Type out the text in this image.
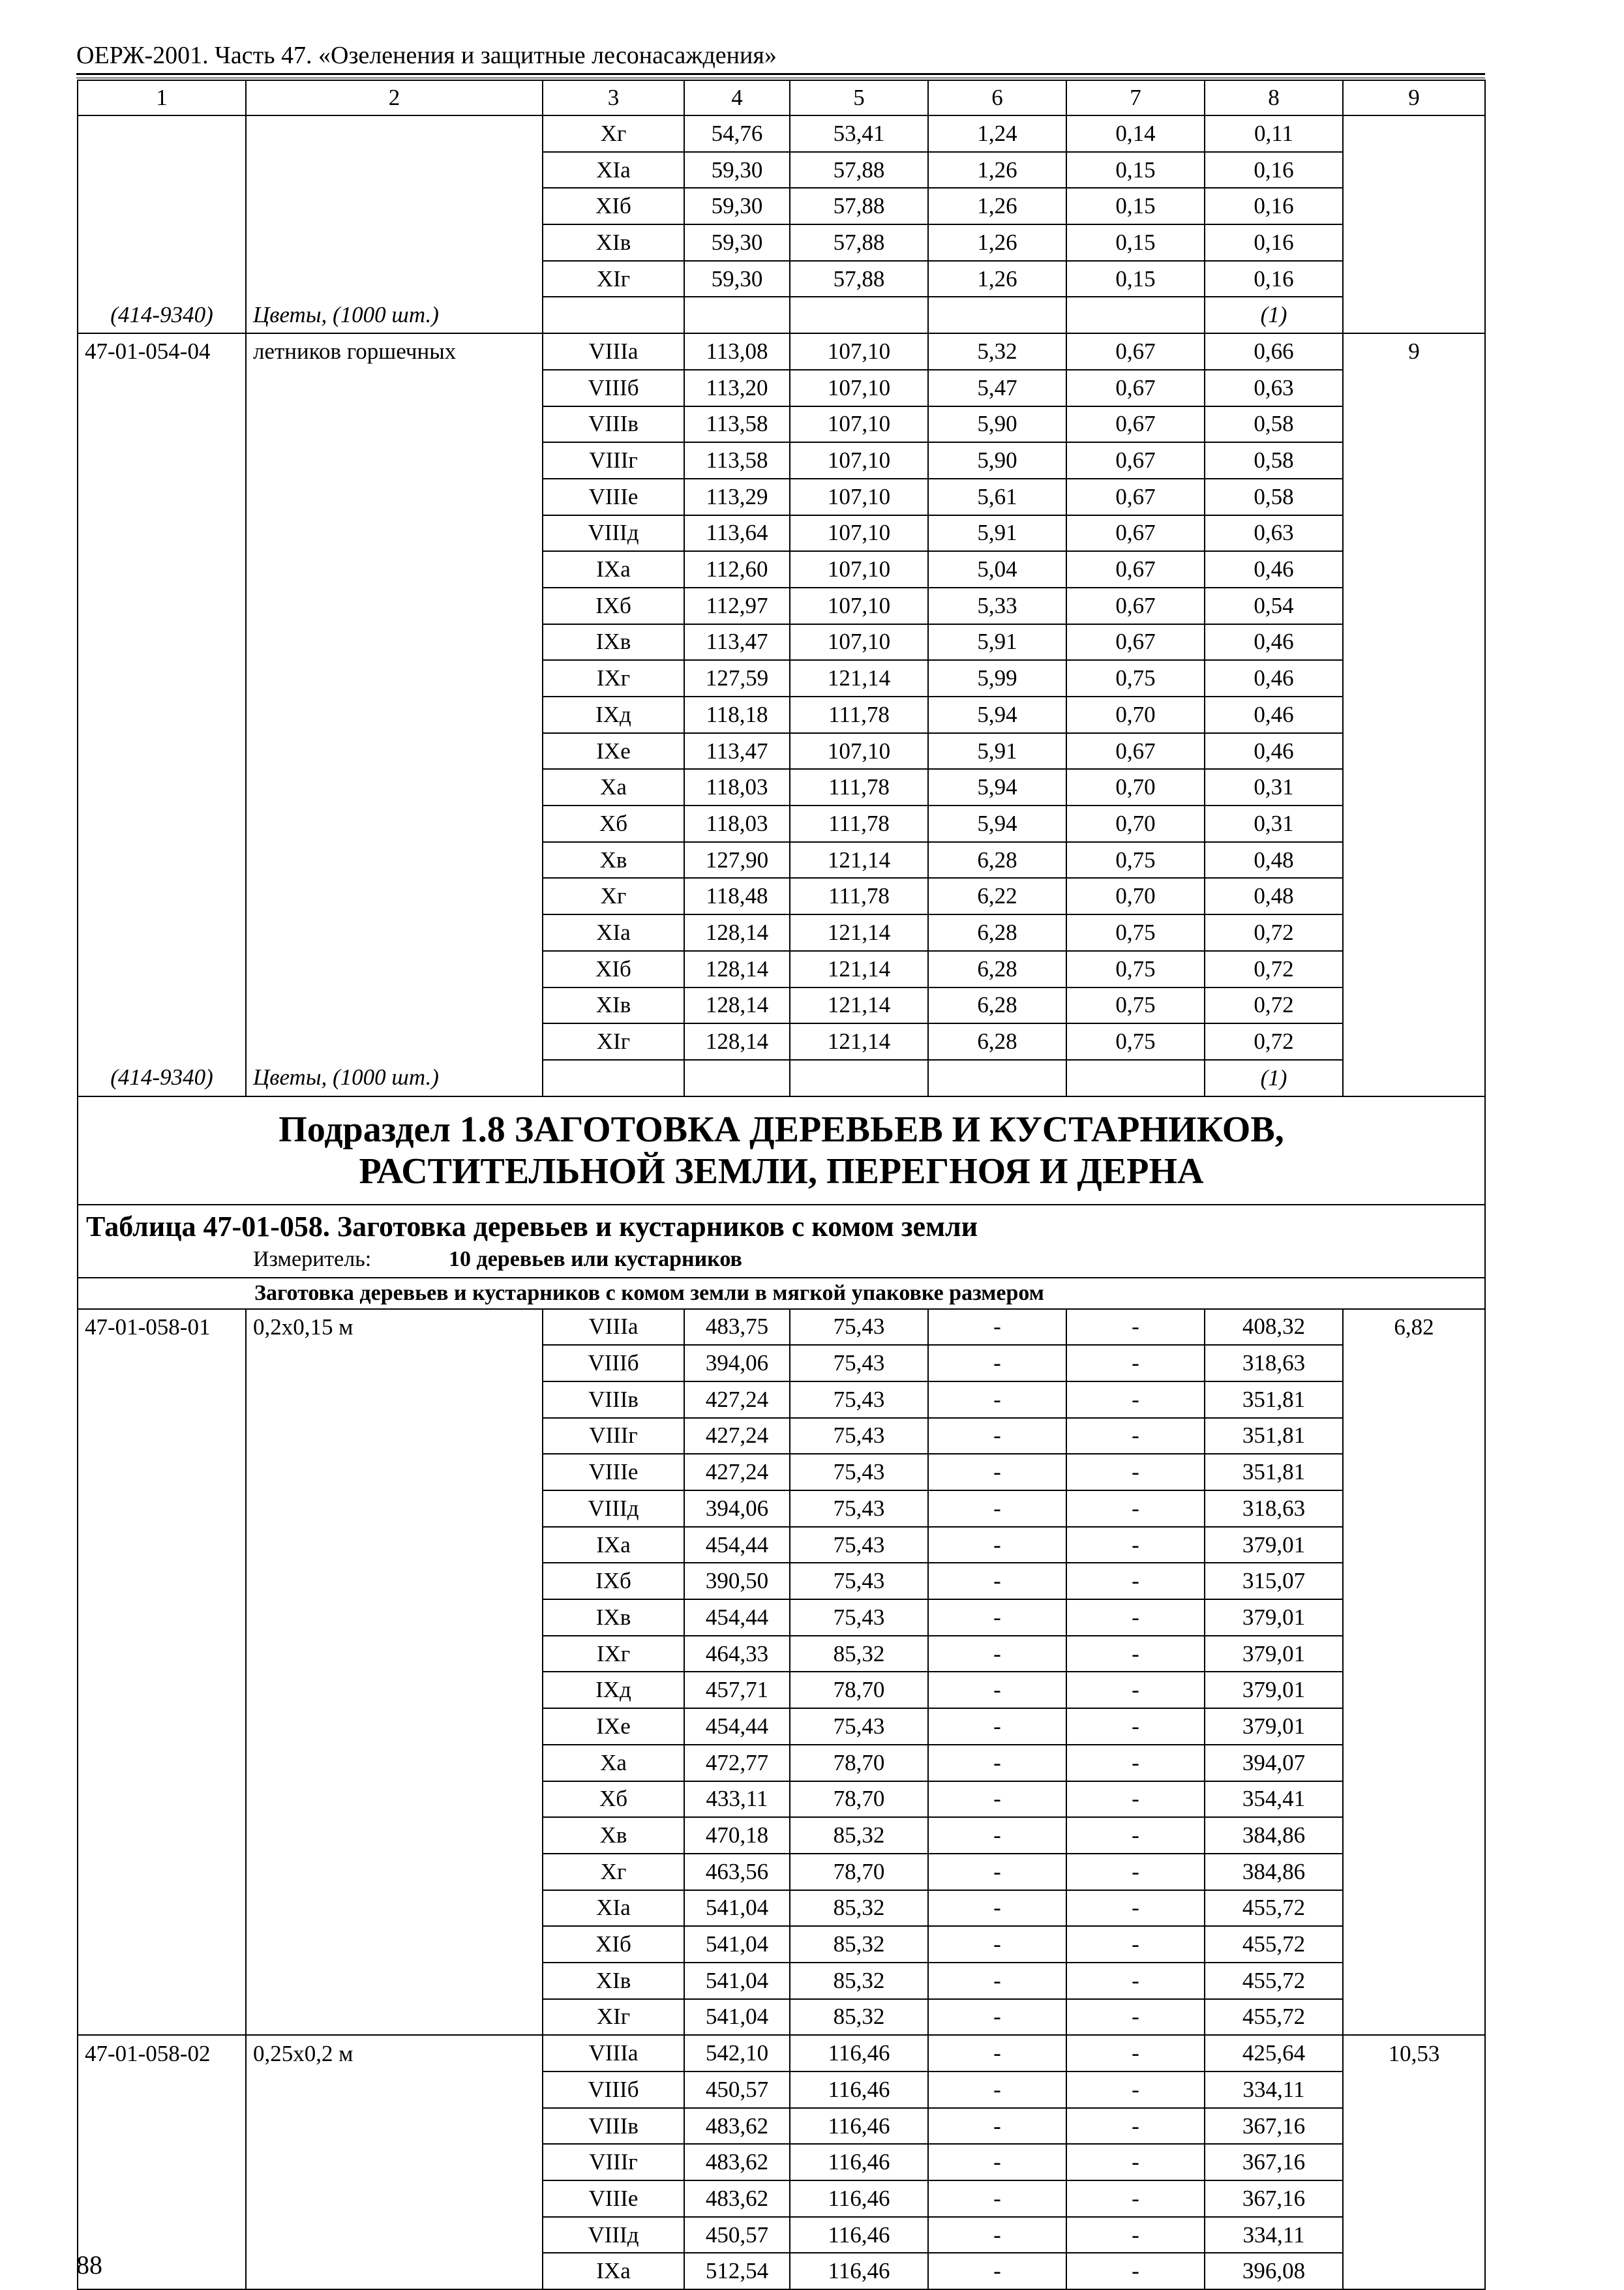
ОЕРЖ-2001. Часть 47. «Озеленения и защитные лесонасаждения»
1	2	3	4	5	6	7	8	9
		Xг	54,76	53,41	1,24	0,14	0,11	
		XIа	59,30	57,88	1,26	0,15	0,16	
		XIб	59,30	57,88	1,26	0,15	0,16	
		XIв	59,30	57,88	1,26	0,15	0,16	
		XIг	59,30	57,88	1,26	0,15	0,16	
(414-9340)	Цветы, (1000 шт.)						(1)	
47-01-054-04	летников горшечных	VIIIа	113,08	107,10	5,32	0,67	0,66	9
		VIIIб	113,20	107,10	5,47	0,67	0,63	
		VIIIв	113,58	107,10	5,90	0,67	0,58	
		VIIIг	113,58	107,10	5,90	0,67	0,58	
		VIIIе	113,29	107,10	5,61	0,67	0,58	
		VIIIд	113,64	107,10	5,91	0,67	0,63	
		IXа	112,60	107,10	5,04	0,67	0,46	
		IXб	112,97	107,10	5,33	0,67	0,54	
		IXв	113,47	107,10	5,91	0,67	0,46	
		IXг	127,59	121,14	5,99	0,75	0,46	
		IXд	118,18	111,78	5,94	0,70	0,46	
		IXе	113,47	107,10	5,91	0,67	0,46	
		Xа	118,03	111,78	5,94	0,70	0,31	
		Xб	118,03	111,78	5,94	0,70	0,31	
		Xв	127,90	121,14	6,28	0,75	0,48	
		Xг	118,48	111,78	6,22	0,70	0,48	
		XIа	128,14	121,14	6,28	0,75	0,72	
		XIб	128,14	121,14	6,28	0,75	0,72	
		XIв	128,14	121,14	6,28	0,75	0,72	
		XIг	128,14	121,14	6,28	0,75	0,72	
(414-9340)	Цветы, (1000 шт.)						(1)	
Подраздел 1.8 ЗАГОТОВКА ДЕРЕВЬЕВ И КУСТАРНИКОВ,
РАСТИТЕЛЬНОЙ ЗЕМЛИ, ПЕРЕГНОЯ И ДЕРНА								
Таблица 47-01-058. Заготовка деревьев и кустарников с комом земли								
Измеритель: 10 деревьев или кустарников								
Заготовка деревьев и кустарников с комом земли в мягкой упаковке размером								
47-01-058-01	0,2х0,15 м	VIIIа	483,75	75,43	-	-	408,32	6,82
		VIIIб	394,06	75,43	-	-	318,63	
		VIIIв	427,24	75,43	-	-	351,81	
		VIIIг	427,24	75,43	-	-	351,81	
		VIIIе	427,24	75,43	-	-	351,81	
		VIIIд	394,06	75,43	-	-	318,63	
		IXа	454,44	75,43	-	-	379,01	
		IXб	390,50	75,43	-	-	315,07	
		IXв	454,44	75,43	-	-	379,01	
		IXг	464,33	85,32	-	-	379,01	
		IXд	457,71	78,70	-	-	379,01	
		IXе	454,44	75,43	-	-	379,01	
		Xа	472,77	78,70	-	-	394,07	
		Xб	433,11	78,70	-	-	354,41	
		Xв	470,18	85,32	-	-	384,86	
		Xг	463,56	78,70	-	-	384,86	
		XIа	541,04	85,32	-	-	455,72	
		XIб	541,04	85,32	-	-	455,72	
		XIв	541,04	85,32	-	-	455,72	
		XIг	541,04	85,32	-	-	455,72	
47-01-058-02	0,25х0,2 м	VIIIа	542,10	116,46	-	-	425,64	10,53
		VIIIб	450,57	116,46	-	-	334,11	
		VIIIв	483,62	116,46	-	-	367,16	
		VIIIг	483,62	116,46	-	-	367,16	
		VIIIе	483,62	116,46	-	-	367,16	
		VIIIд	450,57	116,46	-	-	334,11	
		IXа	512,54	116,46	-	-	396,08	
88
